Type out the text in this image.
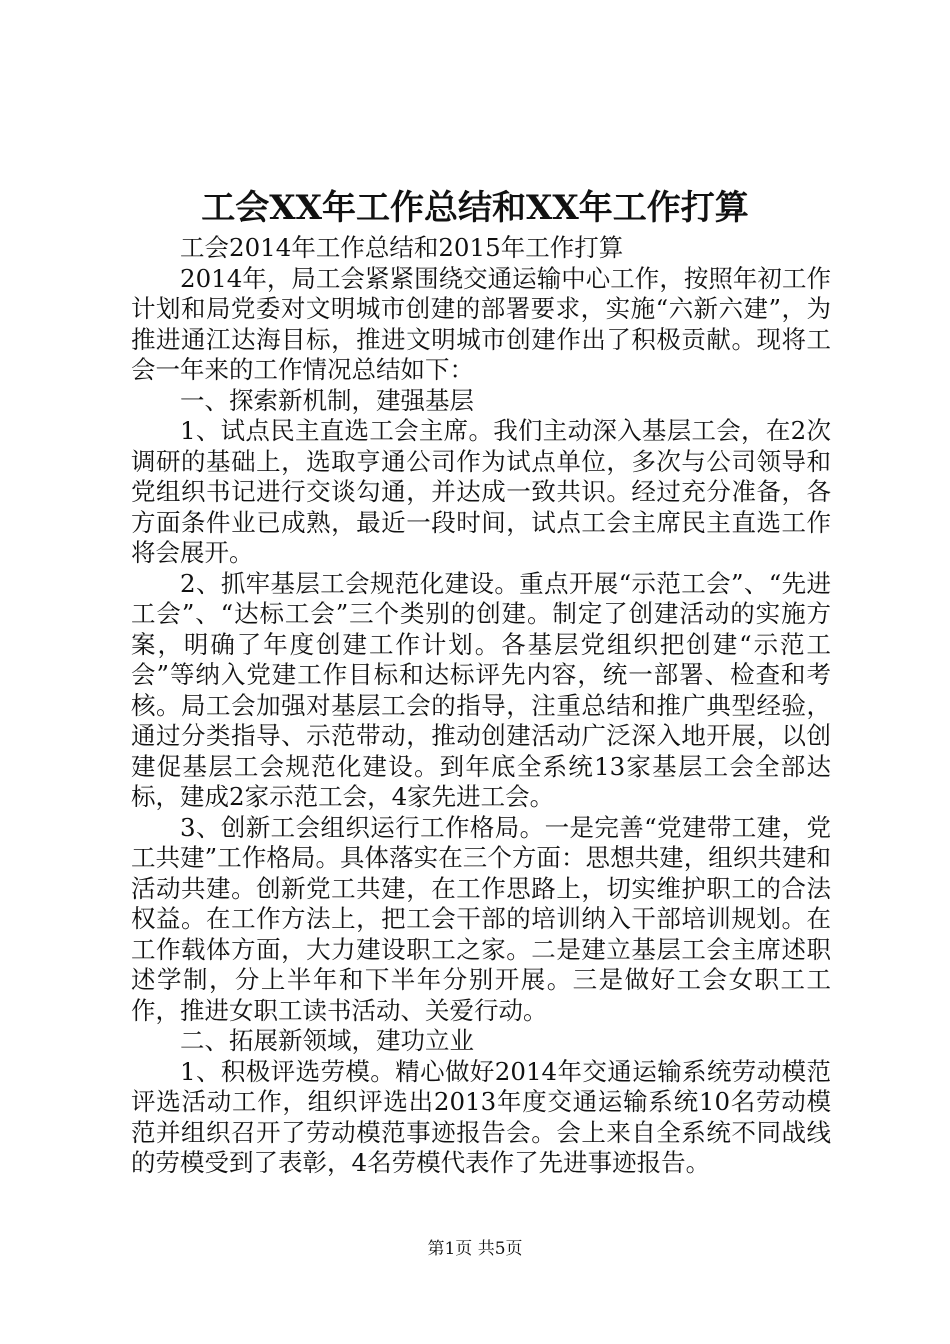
工会XX年工作总结和XX年工作打算

工会2014年工作总结和2015年工作打算

2014年，局工会紧紧围绕交通运输中心工作，按照年初工作计划和局党委对文明城市创建的部署要求，实施“六新六建”，为推进通江达海目标，推进文明城市创建作出了积极贡献。现将工会一年来的工作情况总结如下：

一、探索新机制，建强基层

1、试点民主直选工会主席。我们主动深入基层工会，在2次调研的基础上，选取亨通公司作为试点单位，多次与公司领导和党组织书记进行交谈勾通，并达成一致共识。经过充分准备，各方面条件业已成熟，最近一段时间，试点工会主席民主直选工作将会展开。

2、抓牢基层工会规范化建设。重点开展“示范工会”、“先进工会”、“达标工会”三个类别的创建。制定了创建活动的实施方案，明确了年度创建工作计划。各基层党组织把创建“示范工会”等纳入党建工作目标和达标评先内容，统一部署、检查和考核。局工会加强对基层工会的指导，注重总结和推广典型经验，通过分类指导、示范带动，推动创建活动广泛深入地开展，以创建促基层工会规范化建设。到年底全系统13家基层工会全部达标，建成2家示范工会，4家先进工会。

3、创新工会组织运行工作格局。一是完善“党建带工建，党工共建”工作格局。具体落实在三个方面：思想共建，组织共建和活动共建。创新党工共建，在工作思路上，切实维护职工的合法权益。在工作方法上，把工会干部的培训纳入干部培训规划。在工作载体方面，大力建设职工之家。二是建立基层工会主席述职述学制，分上半年和下半年分别开展。三是做好工会女职工工作，推进女职工读书活动、关爱行动。

二、拓展新领域，建功立业

1、积极评选劳模。精心做好2014年交通运输系统劳动模范评选活动工作，组织评选出2013年度交通运输系统10名劳动模范并组织召开了劳动模范事迹报告会。会上来自全系统不同战线的劳模受到了表彰，4名劳模代表作了先进事迹报告。

第1页 共5页
